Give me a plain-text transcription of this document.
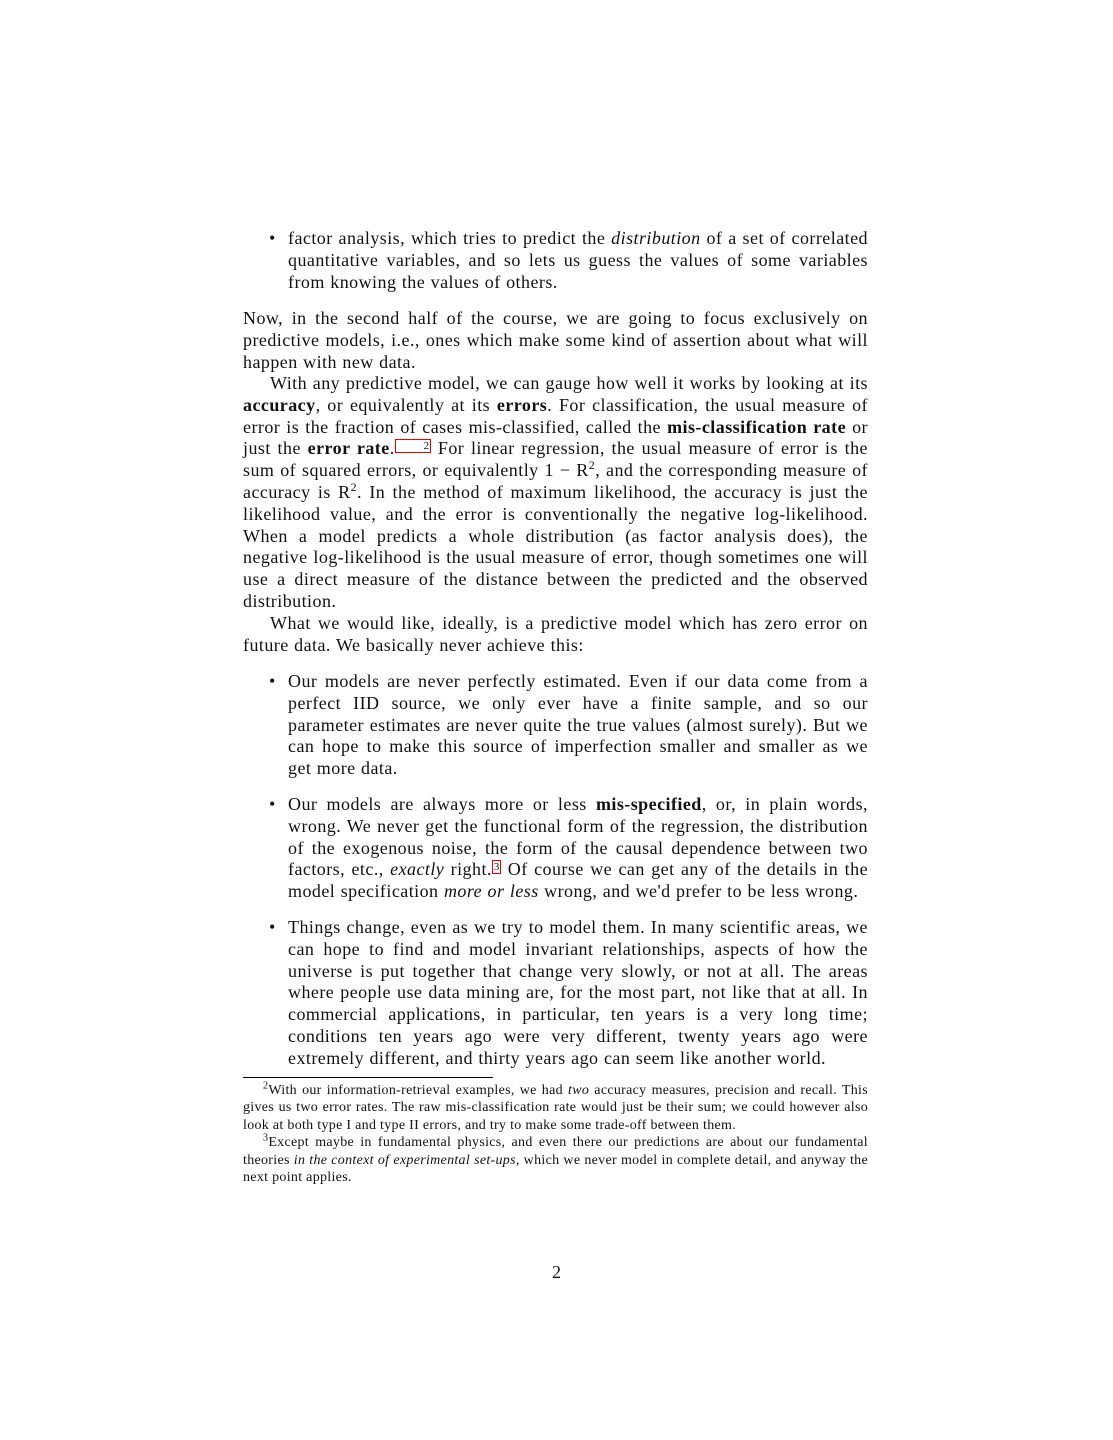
• factor analysis, which tries to predict the distribution of a set of correlated quantitative variables, and so lets us guess the values of some variables from knowing the values of others.
Now, in the second half of the course, we are going to focus exclusively on predictive models, i.e., ones which make some kind of assertion about what will happen with new data.
With any predictive model, we can gauge how well it works by looking at its accuracy, or equivalently at its errors. For classification, the usual measure of error is the fraction of cases mis-classified, called the mis-classification rate or just the error rate.	2 For linear regression, the usual measure of error is the sum of squared errors, or equivalently $1 - R^2$, and the corresponding measure of accuracy is $R^2$. In the method of maximum likelihood, the accuracy is just the likelihood value, and the error is conventionally the negative log-likelihood. When a model predicts a whole distribution (as factor analysis does), the negative log-likelihood is the usual measure of error, though sometimes one will use a direct measure of the distance between the predicted and the observed distribution.
What we would like, ideally, is a predictive model which has zero error on future data. We basically never achieve this:
• Our models are never perfectly estimated. Even if our data come from a perfect IID source, we only ever have a finite sample, and so our parameter estimates are never quite the true values (almost surely). But we can hope to make this source of imperfection smaller and smaller as we get more data.
• Our models are always more or less mis-specified, or, in plain words, wrong. We never get the functional form of the regression, the distribution of the exogenous noise, the form of the causal dependence between two factors, etc., exactly right. 3 Of course we can get any of the details in the model specification more or less wrong, and we'd prefer to be less wrong.
• Things change, even as we try to model them. In many scientific areas, we can hope to find and model invariant relationships, aspects of how the universe is put together that change very slowly, or not at all. The areas where people use data mining are, for the most part, not like that at all. In commercial applications, in particular, ten years is a very long time; conditions ten years ago were very different, twenty years ago were extremely different, and thirty years ago can seem like another world.
$^2$With our information-retrieval examples, we had two accuracy measures, precision and recall. This gives us two error rates. The raw mis-classification rate would just be their sum; we could however also look at both type I and type II errors, and try to make some trade-off between them.
$^3$Except maybe in fundamental physics, and even there our predictions are about our fundamental theories in the context of experimental set-ups, which we never model in complete detail, and anyway the next point applies.
2
